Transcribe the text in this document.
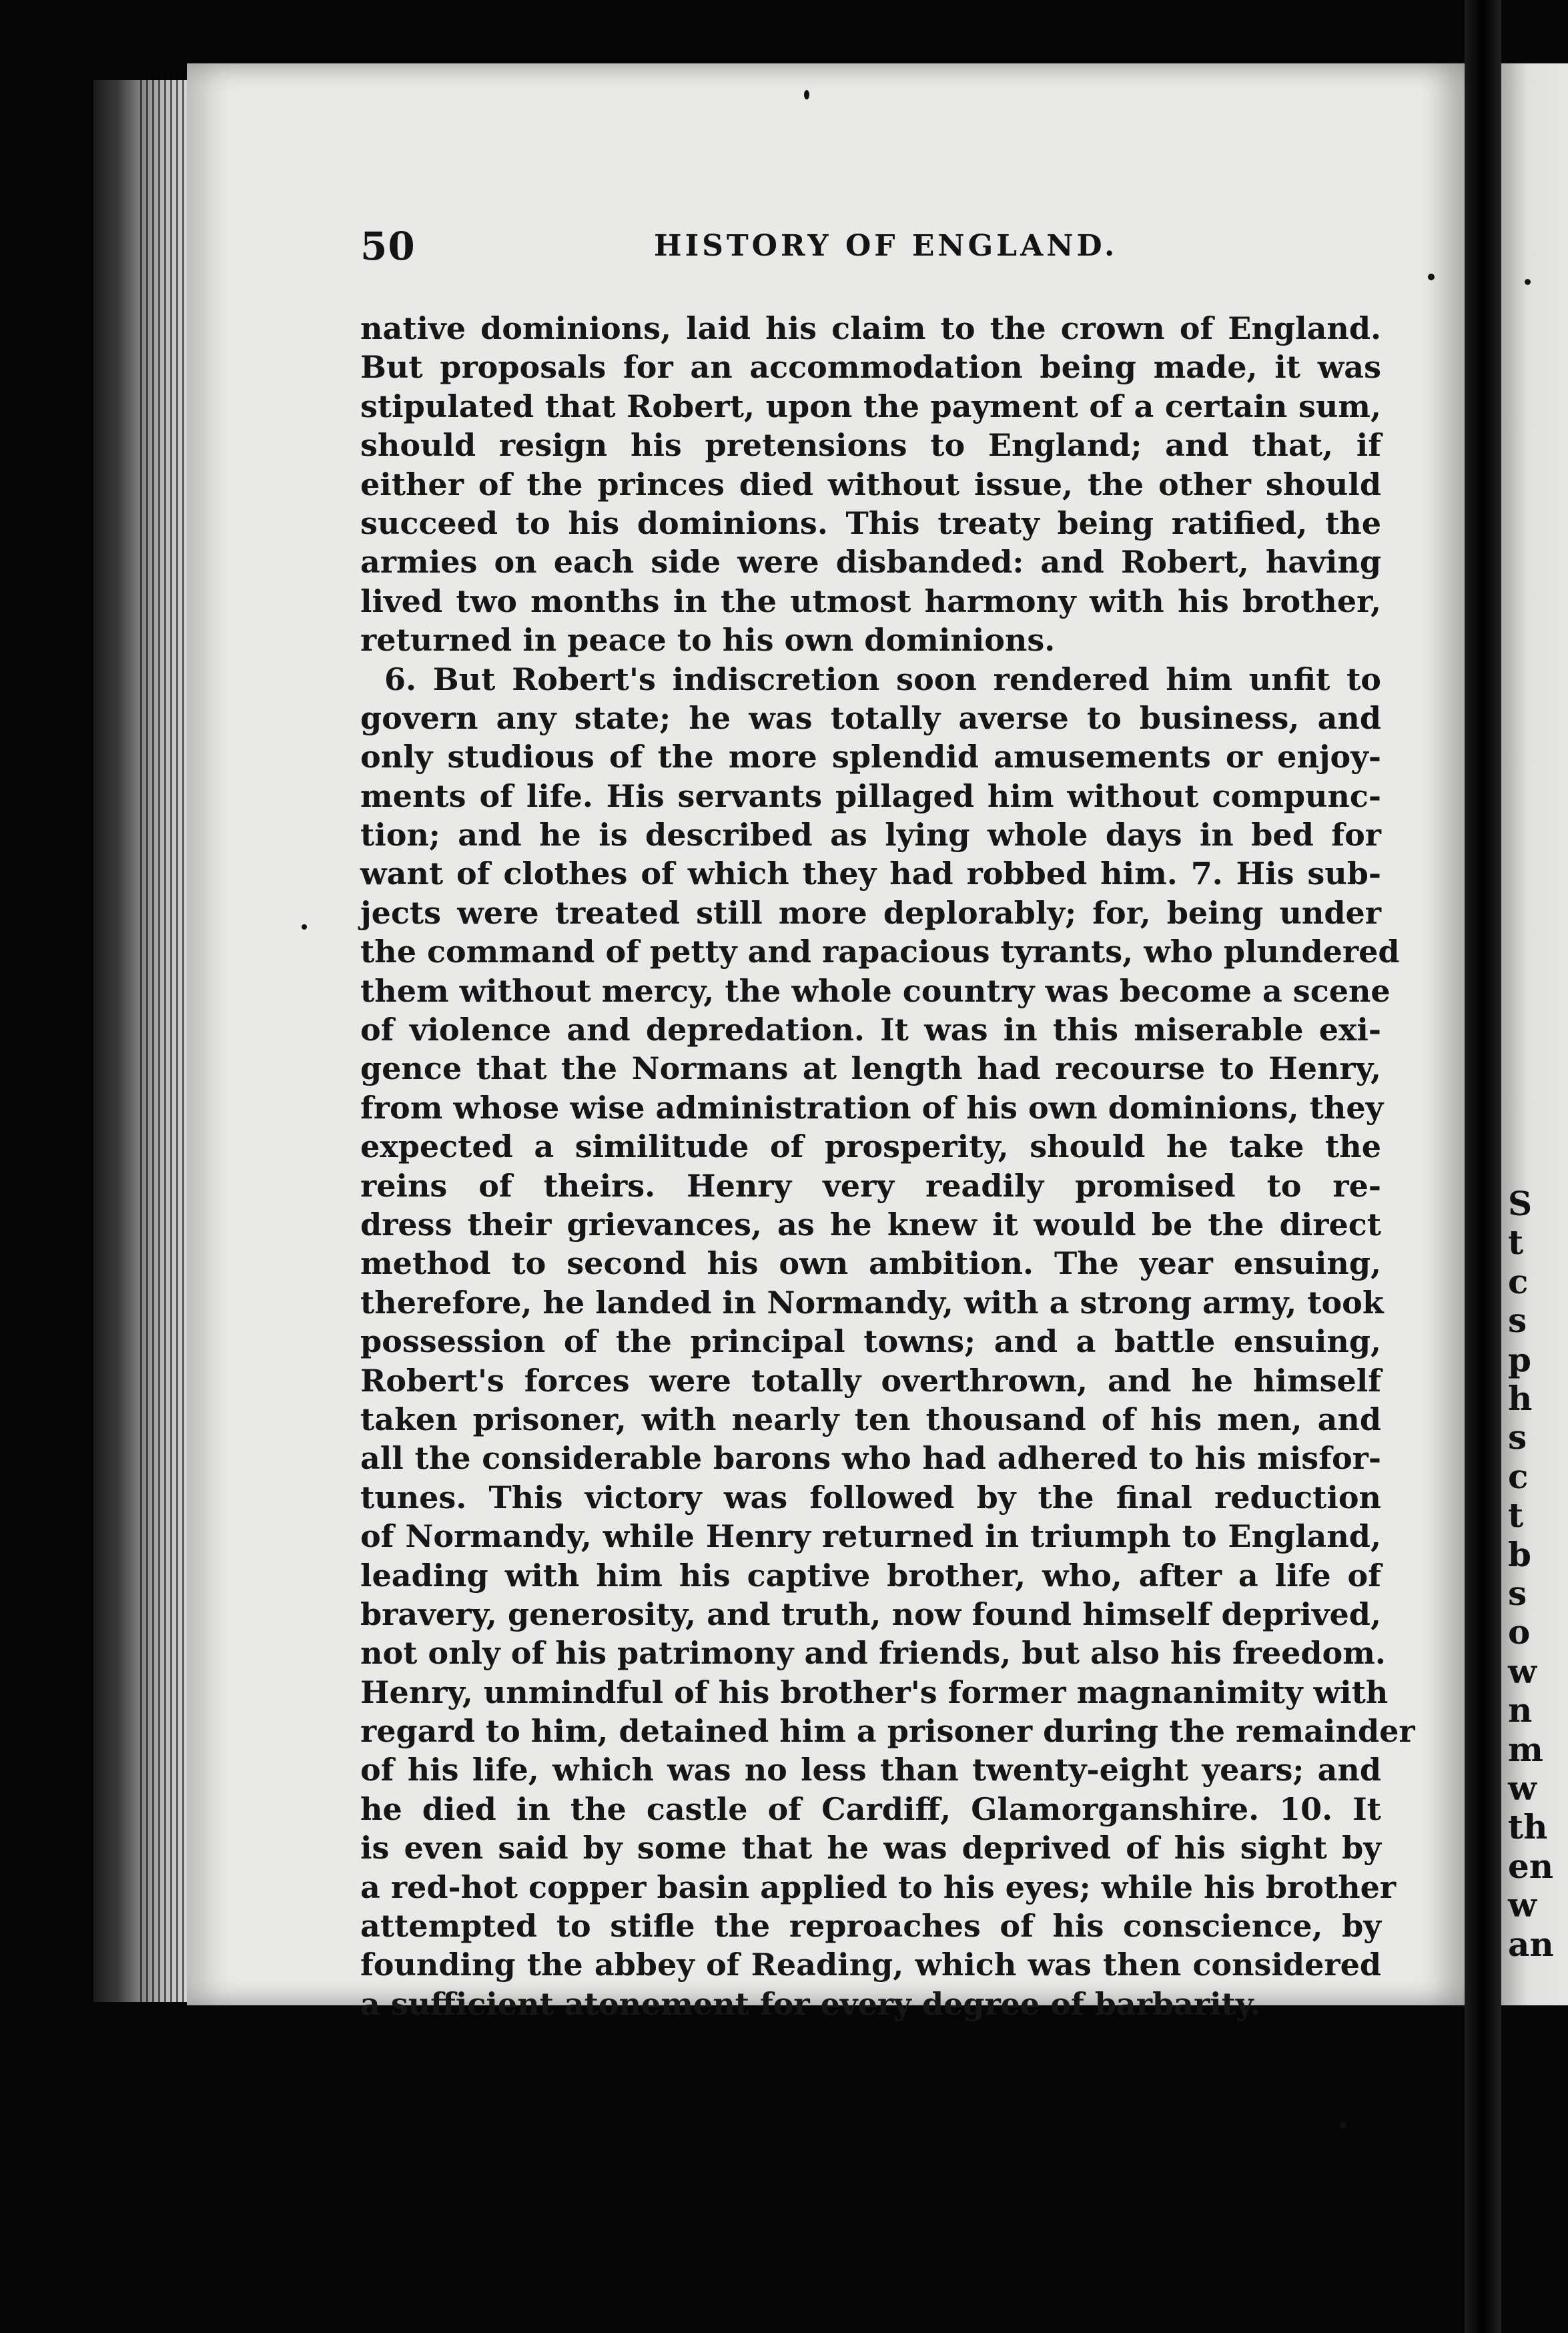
S
t
c
s
p
h
s
c
t
b
s
o
w
n
m
w
th
en
w
an
50	HISTORY OF ENGLAND.
native dominions, laid his claim to the crown of England.
But proposals for an accommodation being made, it was
stipulated that Robert, upon the payment of a certain sum,
should resign his pretensions to England; and that, if
either of the princes died without issue, the other should
succeed to his dominions. This treaty being ratified, the
armies on each side were disbanded: and Robert, having
lived two months in the utmost harmony with his brother,
returned in peace to his own dominions.
6. But Robert's indiscretion soon rendered him unfit to
govern any state; he was totally averse to business, and
only studious of the more splendid amusements or enjoy-
ments of life. His servants pillaged him without compunc-
tion; and he is described as lying whole days in bed for
want of clothes of which they had robbed him. 7. His sub-
jects were treated still more deplorably; for, being under
the command of petty and rapacious tyrants, who plundered
them without mercy, the whole country was become a scene
of violence and depredation. It was in this miserable exi-
gence that the Normans at length had recourse to Henry,
from whose wise administration of his own dominions, they
expected a similitude of prosperity, should he take the
reins of theirs. Henry very readily promised to re-
dress their grievances, as he knew it would be the direct
method to second his own ambition. The year ensuing,
therefore, he landed in Normandy, with a strong army, took
possession of the principal towns; and a battle ensuing,
Robert's forces were totally overthrown, and he himself
taken prisoner, with nearly ten thousand of his men, and
all the considerable barons who had adhered to his misfor-
tunes. This victory was followed by the final reduction
of Normandy, while Henry returned in triumph to England,
leading with him his captive brother, who, after a life of
bravery, generosity, and truth, now found himself deprived,
not only of his patrimony and friends, but also his freedom.
Henry, unmindful of his brother's former magnanimity with
regard to him, detained him a prisoner during the remainder
of his life, which was no less than twenty-eight years; and
he died in the castle of Cardiff, Glamorganshire. 10. It
is even said by some that he was deprived of his sight by
a red-hot copper basin applied to his eyes; while his brother
attempted to stifle the reproaches of his conscience, by
founding the abbey of Reading, which was then considered
a sufficient atonement for every degree of barbarity.
